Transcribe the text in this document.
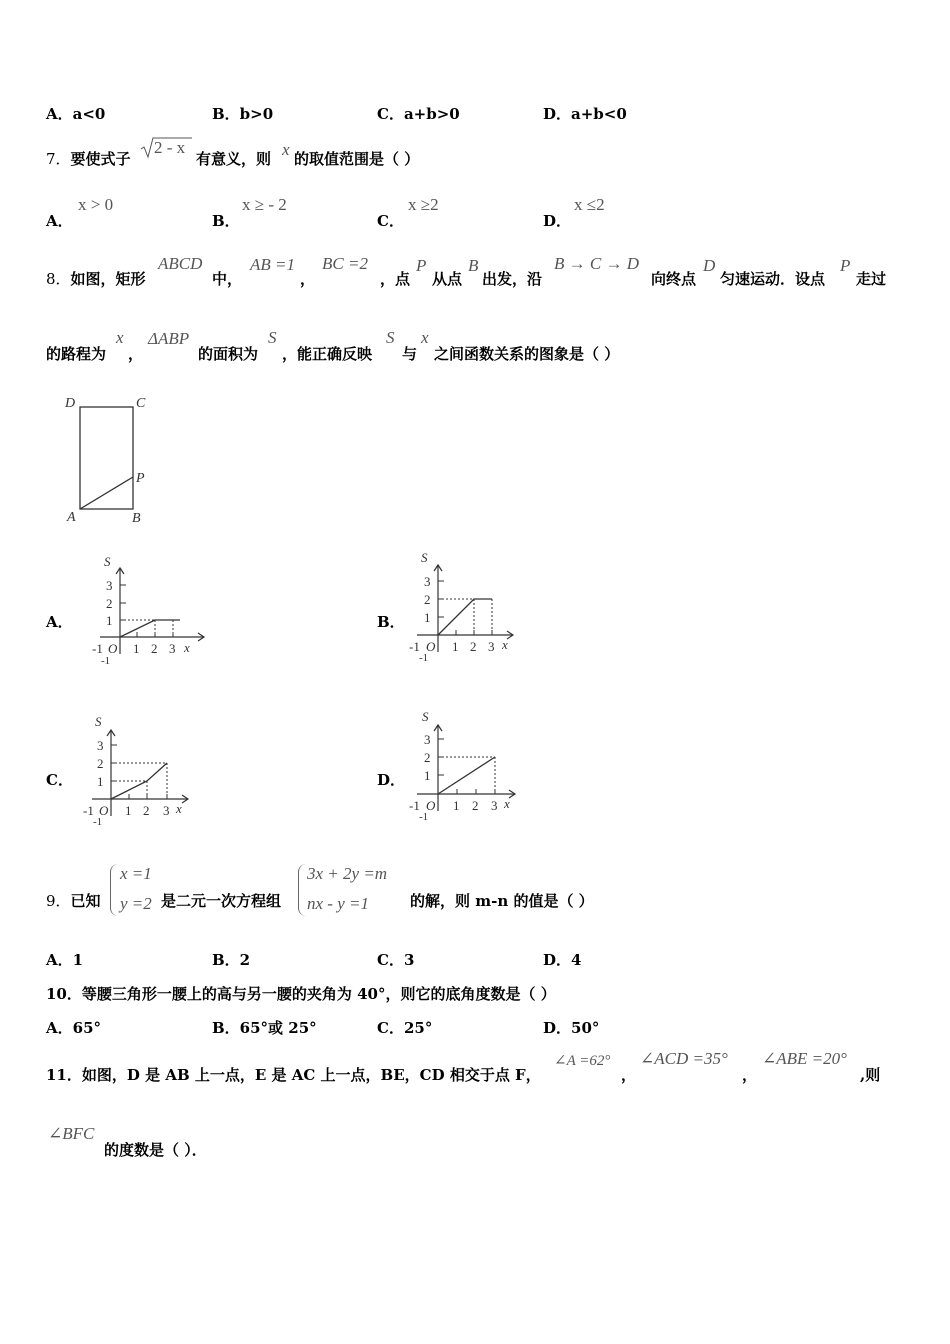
A．a<0	B．b>0	C．a+b>0	D．a+b<0
7．要使式子
2 - x
有意义，则 x 的取值范围是（ ）
A．
x > 0
B．
x ≥ - 2
C．
x ≥2
D．
x ≤2
8．如图，矩形
ABCD
中，
AB =1
，
BC =2
，点
P
从点
B
出发，沿
B → C → D
向终点
D
匀速运动．设点
P
走过
的路程为
x
，
ΔABP
的面积为
S
，能正确反映
S
与
x
之间函数关系的图象是（ ）
D	C
P
A	B
A．	B．
C．	D．
S
3
2
1
-1 O
-1
1 2 3 x
S
3
2
1
-1 O
-1
1 2 3 x
S
3
2
1
-1 O
-1
1 2 3 x
S
3
2
1
-1 O
-1
1 2 3 x
9．已知
x =1
y =2 是二元一次方程组
3x + 2y =m
nx - y =1	的解，则 m-n 的值是（ ）
A．1	B．2	C．3	D．4
10．等腰三角形一腰上的高与另一腰的夹角为 40°，则它的底角度数是（ ）
A．65°	B．65°或 25°	C．25°	D．50°
11．如图，D 是 AB 上一点，E 是 AC 上一点，BE，CD 相交于点 F，
∠A =62°
，
∠ACD =35°
，
∠ABE =20°
,则
∠BFC
的度数是（ ）．
